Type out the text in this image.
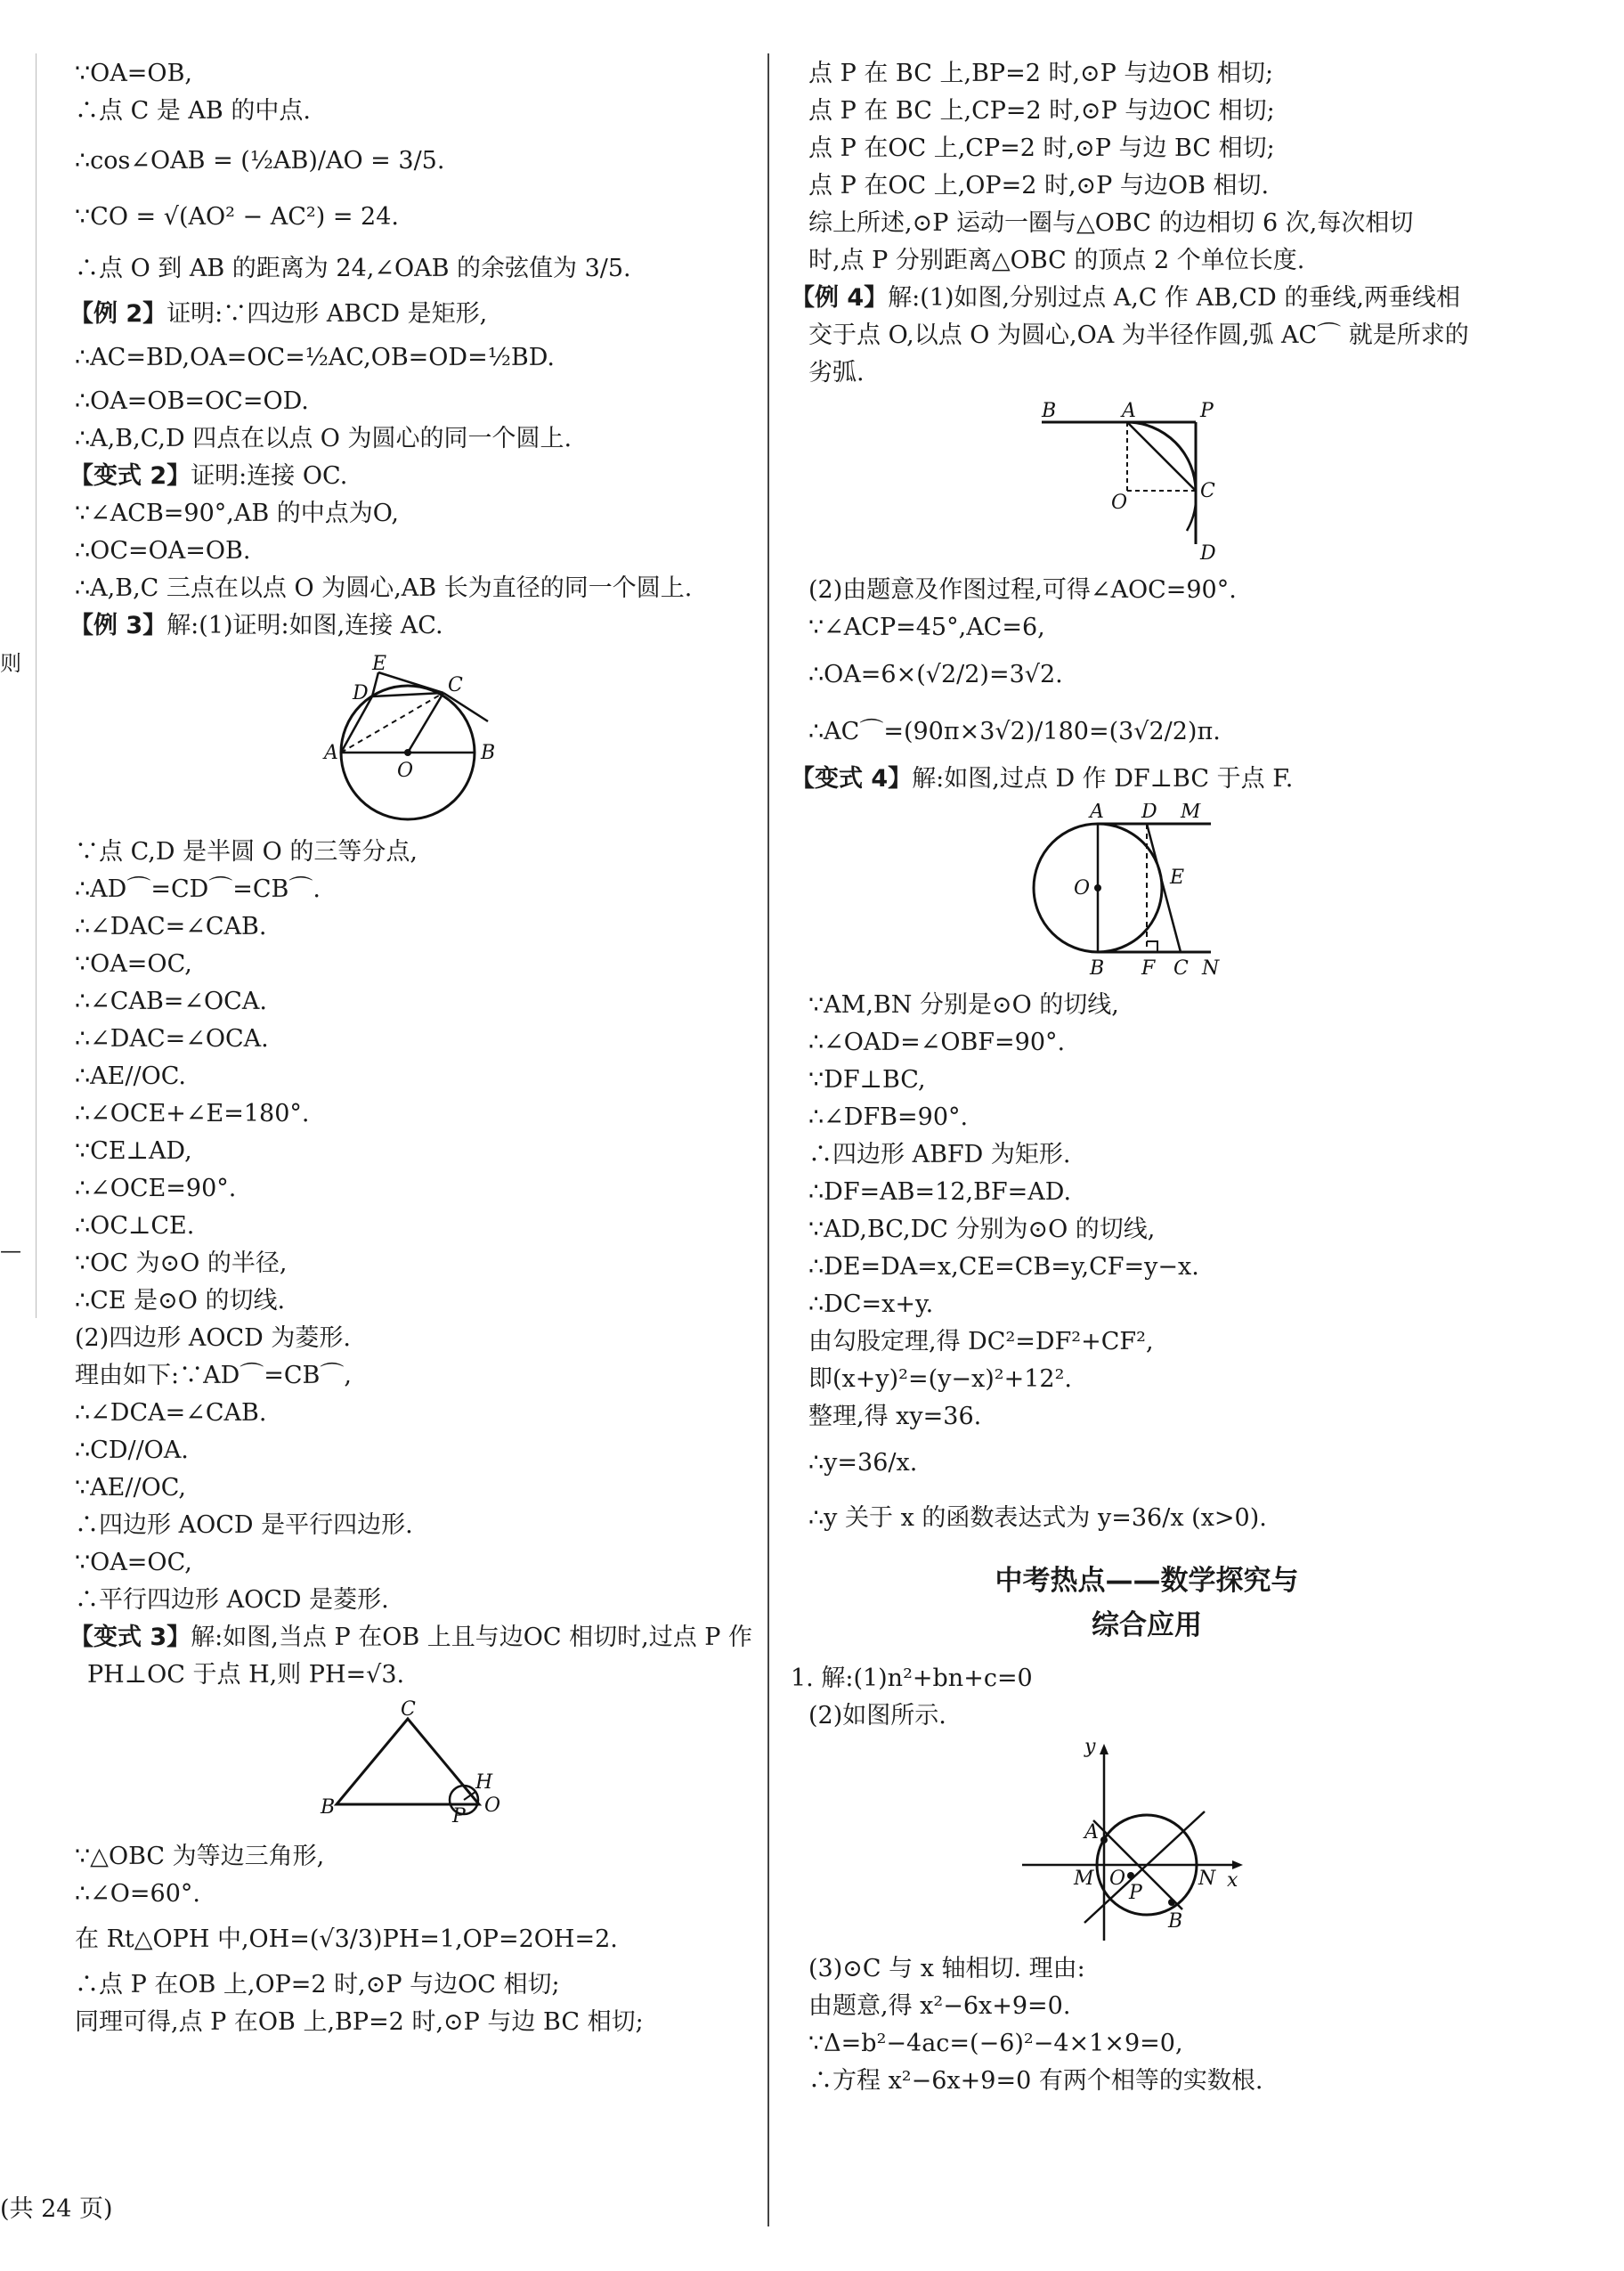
则
—
∵OA=OB,
∴点 C 是 AB 的中点.
∴cos∠OAB = (½AB)/AO = 3/5.
∵CO = √(AO² − AC²) = 24.
∴点 O 到 AB 的距离为 24,∠OAB 的余弦值为 3/5.
【例 2】证明:∵四边形 ABCD 是矩形,
∴AC=BD,OA=OC=½AC,OB=OD=½BD.
∴OA=OB=OC=OD.
∴A,B,C,D 四点在以点 O 为圆心的同一个圆上.
【变式 2】证明:连接 OC.
∵∠ACB=90°,AB 的中点为O,
∴OC=OA=OB.
∴A,B,C 三点在以点 O 为圆心,AB 长为直径的同一个圆上.
【例 3】解:(1)证明:如图,连接 AC.
E
D	C
A
O
B
∵点 C,D 是半圆 O 的三等分点,
∴AD⌒=CD⌒=CB⌒.
∴∠DAC=∠CAB.
∵OA=OC,
∴∠CAB=∠OCA.
∴∠DAC=∠OCA.
∴AE//OC.
∴∠OCE+∠E=180°.
∵CE⊥AD,
∴∠OCE=90°.
∴OC⊥CE.
∵OC 为⊙O 的半径,
∴CE 是⊙O 的切线.
(2)四边形 AOCD 为菱形.
理由如下:∵AD⌒=CB⌒,
∴∠DCA=∠CAB.
∴CD//OA.
∵AE//OC,
∴四边形 AOCD 是平行四边形.
∵OA=OC,
∴平行四边形 AOCD 是菱形.
【变式 3】解:如图,当点 P 在OB 上且与边OC 相切时,过点 P 作
PH⊥OC 于点 H,则 PH=√3.
C
B
H
O
P
∵△OBC 为等边三角形,
∴∠O=60°.
在 Rt△OPH 中,OH=(√3/3)PH=1,OP=2OH=2.
∴点 P 在OB 上,OP=2 时,⊙P 与边OC 相切;
同理可得,点 P 在OB 上,BP=2 时,⊙P 与边 BC 相切;
点 P 在 BC 上,BP=2 时,⊙P 与边OB 相切;
点 P 在 BC 上,CP=2 时,⊙P 与边OC 相切;
点 P 在OC 上,CP=2 时,⊙P 与边 BC 相切;
点 P 在OC 上,OP=2 时,⊙P 与边OB 相切.
综上所述,⊙P 运动一圈与△OBC 的边相切 6 次,每次相切
时,点 P 分别距离△OBC 的顶点 2 个单位长度.
【例 4】解:(1)如图,分别过点 A,C 作 AB,CD 的垂线,两垂线相
交于点 O,以点 O 为圆心,OA 为半径作圆,弧 AC⌒ 就是所求的
劣弧.
B	A	P
O
C
D
(2)由题意及作图过程,可得∠AOC=90°.
∵∠ACP=45°,AC=6,
∴OA=6×(√2/2)=3√2.
∴AC⌒=(90π×3√2)/180=(3√2/2)π.
【变式 4】解:如图,过点 D 作 DF⊥BC 于点 F.
A D M
O	E
B F C N
∵AM,BN 分别是⊙O 的切线,
∴∠OAD=∠OBF=90°.
∵DF⊥BC,
∴∠DFB=90°.
∴四边形 ABFD 为矩形.
∴DF=AB=12,BF=AD.
∵AD,BC,DC 分别为⊙O 的切线,
∴DE=DA=x,CE=CB=y,CF=y−x.
∴DC=x+y.
由勾股定理,得 DC²=DF²+CF²,
即(x+y)²=(y−x)²+12².
整理,得 xy=36.
∴y=36/x.
∴y 关于 x 的函数表达式为 y=36/x (x>0).
中考热点——数学探究与
综合应用
1. 解:(1)n²+bn+c=0
(2)如图所示.
y
A
M O
P
N x
B
(3)⊙C 与 x 轴相切. 理由:
由题意,得 x²−6x+9=0.
∵Δ=b²−4ac=(−6)²−4×1×9=0,
∴方程 x²−6x+9=0 有两个相等的实数根.
(共 24 页)
